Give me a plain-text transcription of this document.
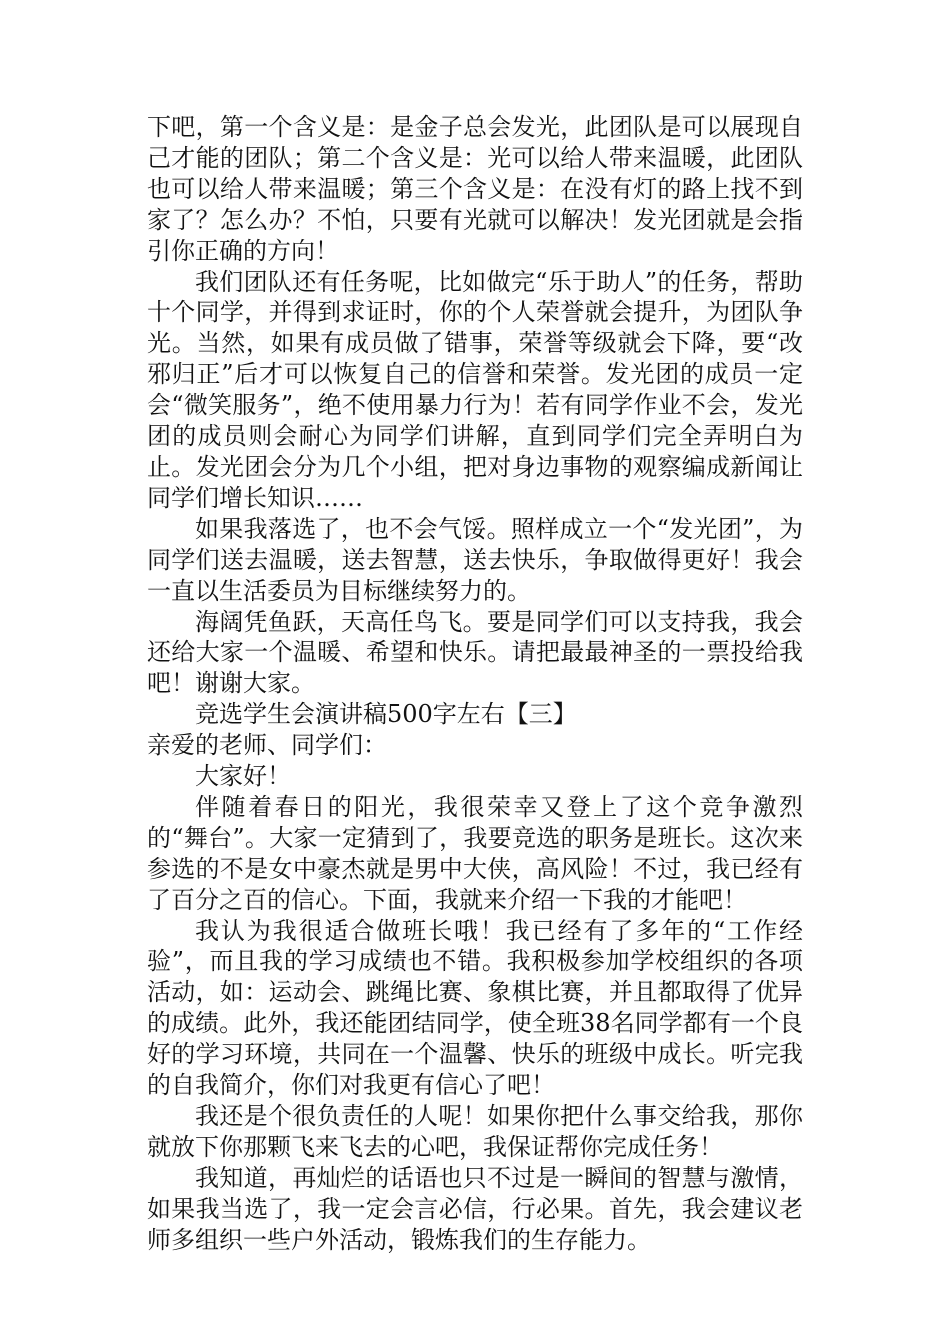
下吧，第一个含义是：是金子总会发光，此团队是可以展现自己才能的团队；第二个含义是：光可以给人带来温暖，此团队也可以给人带来温暖；第三个含义是：在没有灯的路上找不到家了？怎么办？不怕，只要有光就可以解决！发光团就是会指引你正确的方向！

我们团队还有任务呢，比如做完“乐于助人”的任务，帮助十个同学，并得到求证时，你的个人荣誉就会提升，为团队争光。当然，如果有成员做了错事，荣誉等级就会下降，要“改邪归正”后才可以恢复自己的信誉和荣誉。发光团的成员一定会“微笑服务”，绝不使用暴力行为！若有同学作业不会，发光团的成员则会耐心为同学们讲解，直到同学们完全弄明白为止。发光团会分为几个小组，把对身边事物的观察编成新闻让同学们增长知识……

如果我落选了，也不会气馁。照样成立一个“发光团”，为同学们送去温暖，送去智慧，送去快乐，争取做得更好！我会一直以生活委员为目标继续努力的。

海阔凭鱼跃，天高任鸟飞。要是同学们可以支持我，我会还给大家一个温暖、希望和快乐。请把最最神圣的一票投给我吧！谢谢大家。

竞选学生会演讲稿500字左右【三】

亲爱的老师、同学们：

大家好！

伴随着春日的阳光，我很荣幸又登上了这个竞争激烈的“舞台”。大家一定猜到了，我要竞选的职务是班长。这次来参选的不是女中豪杰就是男中大侠，高风险！不过，我已经有了百分之百的信心。下面，我就来介绍一下我的才能吧！

我认为我很适合做班长哦！我已经有了多年的“工作经验”，而且我的学习成绩也不错。我积极参加学校组织的各项活动，如：运动会、跳绳比赛、象棋比赛，并且都取得了优异的成绩。此外，我还能团结同学，使全班38名同学都有一个良好的学习环境，共同在一个温馨、快乐的班级中成长。听完我的自我简介，你们对我更有信心了吧！

我还是个很负责任的人呢！如果你把什么事交给我，那你就放下你那颗飞来飞去的心吧，我保证帮你完成任务！

我知道，再灿烂的话语也只不过是一瞬间的智慧与激情，如果我当选了，我一定会言必信，行必果。首先，我会建议老师多组织一些户外活动，锻炼我们的生存能力。
